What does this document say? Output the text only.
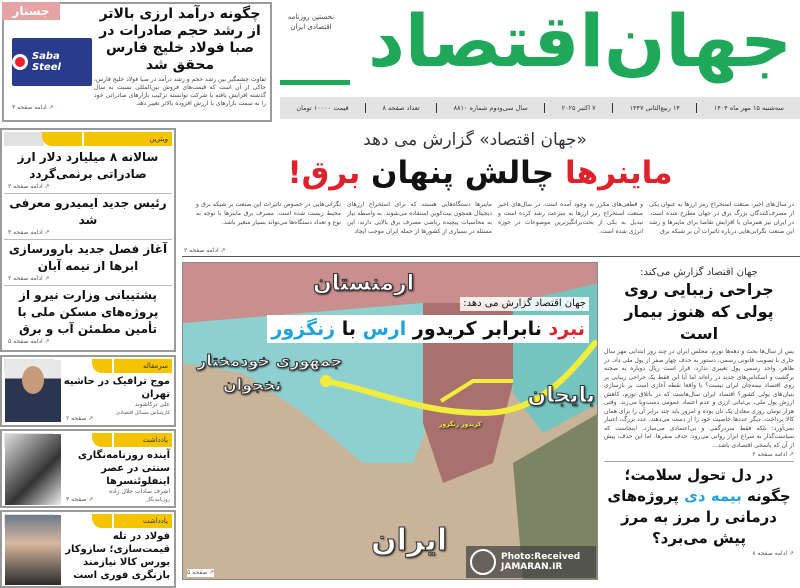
جستار
Saba Steel
چگونه درآمد ارزی بالاتر از رشد حجم صادرات در صبا فولاد خلیج فارس محقق شد

تفاوت چشمگیر بین رشد حجم و رشد درآمد در صبا فولاد خلیج فارس، حاکی از آن است که قیمت‌های فروش بین‌المللی نسبت به سال گذشته افزایش یافته یا شرکت توانسته ترکیب بازارهای صادراتی خود را به سمت بازارهای با ارزش افزوده بالاتر تغییر دهد.

↗ ادامه صفحه ۳
جهان‌اقتصاد
نخستین روزنامه
اقتصادی ایران
سه‌شنبه ۱۵ مهر ماه ۱۴۰۴
۱۴ ربیع‌الثانی ۱۴۴۷
۷ اکتبر ۲۰۲۵
سال سی‌ودوم شماره ۸۸۱۰
تعداد صفحه ۸
قیمت ۱۰۰۰۰ تومان
«جهان اقتصاد» گزارش می دهد
ماینرها چالش پنهان برق!

در سال‌های اخیر، صنعت استخراج رمز ارزها به عنوان یکی از مصرف‌کنندگان بزرگ برق در جهان مطرح شده است. در ایران نیز همزمان با افزایش تقاضا برای ماینرها و رشد این صنعت نگرانی‌هایی درباره تاثیرات آن بر شبکه برق

و قطعی‌های مکرر به وجود آمده است. در سال‌های اخیر صنعت استخراج رمز ارزها به سرعت رشد کرده است و تبدیل به یکی از بحث‌برانگیزترین موضوعات در حوزه انرژی شده است.

ماینرها دستگاه‌هایی هستند که برای استخراج ارزهای دیجیتال همچون بیت‌کوین استفاده می‌شوند. به واسطه نیاز به محاسبات پیچیده ریاضی مصرف برق بالایی دارند. این مسئله در بسیاری از کشورها از جمله ایران موجب ایجاد

نگرانی‌هایی در خصوص تاثیرات این صنعت بر شبکه برق و محیط زیست شده است. مصرف برق ماینرها با توجه به نوع و تعداد دستگاه‌ها می‌تواند بسیار متغیر باشد.

↗ ادامه صفحه ۲
ویترین
سالانه ۸ میلیارد دلار ارز صادراتی برنمی‌گردد
↗ ادامه صفحه ۲
رئیس جدید ایمیدرو معرفی شد
↗ ادامه صفحه ۳
آغاز فصل جدید بارورسازی ابرها از نیمه آبان
↗ ادامه صفحه ۲
پشتیبانی وزارت نیرو از پروژه‌های مسکن ملی با تأمین مطمئن آب و برق
↗ ادامه صفحه ۵
سرمقاله
موج ترافیک در حاشیه تهران
علی ترکاشوند
کارشناس مسائل اقتصادی
↗ صفحه ۲
یادداشت
آینده روزنامه‌نگاری سنتی در عصر اینفلوئنسرها
اشرف سادات جلال زاده
روزنامه‌نگار
↗ صفحه ۳
یادداشت
فولاد در تله قیمت‌سازی؛ سازوکار بورس کالا نیازمند بازنگری فوری است
ارمنستان
جهان اقتصاد گزارش می دهد:
نبرد نابرابر کریدور ارس با زنگزور
جمهوری خودمختار
نخجوان	بایجان
کریدور زنگزور
ایران
↗ صفحه ۵
Photo:Received
JAMARAN.IR
جهان اقتصاد گزارش می‌کند:
جراحی زیبایی روی پولی که هنوز بیمار است

پس از سال‌ها بحث و دهه‌ها تورم، مجلس ایران در چند روز ابتدایی مهر سال جاری با تصویب قانونی رسمی، دستور به حذف چهار صفر از پول ملی داد. در ظاهر، واحد رسمی پول تغییری ندارد، قرار است ریال دوباره به صحنه برگشت و اسکناس‌های جدید در راه‌اند اما آیا این فقط یک جراحی زیبایی بر روی اقتصاد نیمه‌جان ایران نیست؟ یا واقعا نقطه آغازی است بر بازسازی بنیان‌های پولی کشور؟ اقتصاد ایران سال‌هاست که در باتلاق تورم، کاهش ارزش پول ملی، بی‌ثباتی ارزی و عدم اعتماد عمومی دست‌وپا می‌زند. وقتی هزار تومان روزی معادل یک نان بوده و امروز باید چند برابر آن را برای همان کالا پرداخت، دیگر عددها خاصیت خود را از دست می‌دهند. عدد بزرگ، اعتبار نمی‌آورد؛ بلکه فقط سردرگمی و بی‌اعتمادی می‌سازد. اینجاست که سیاست‌گذار به سراغ ابزار روانی می‌رود: حذف صفرها. اما این حذف، پیش از آن که پاسخی اقتصادی باشد...

↗ ادامه صفحه ۲
در دل تحول سلامت؛ چگونه بیمه دی پروژه‌های درمانی را مرز به مرز پیش می‌برد؟
↗ ادامه صفحه ۸
